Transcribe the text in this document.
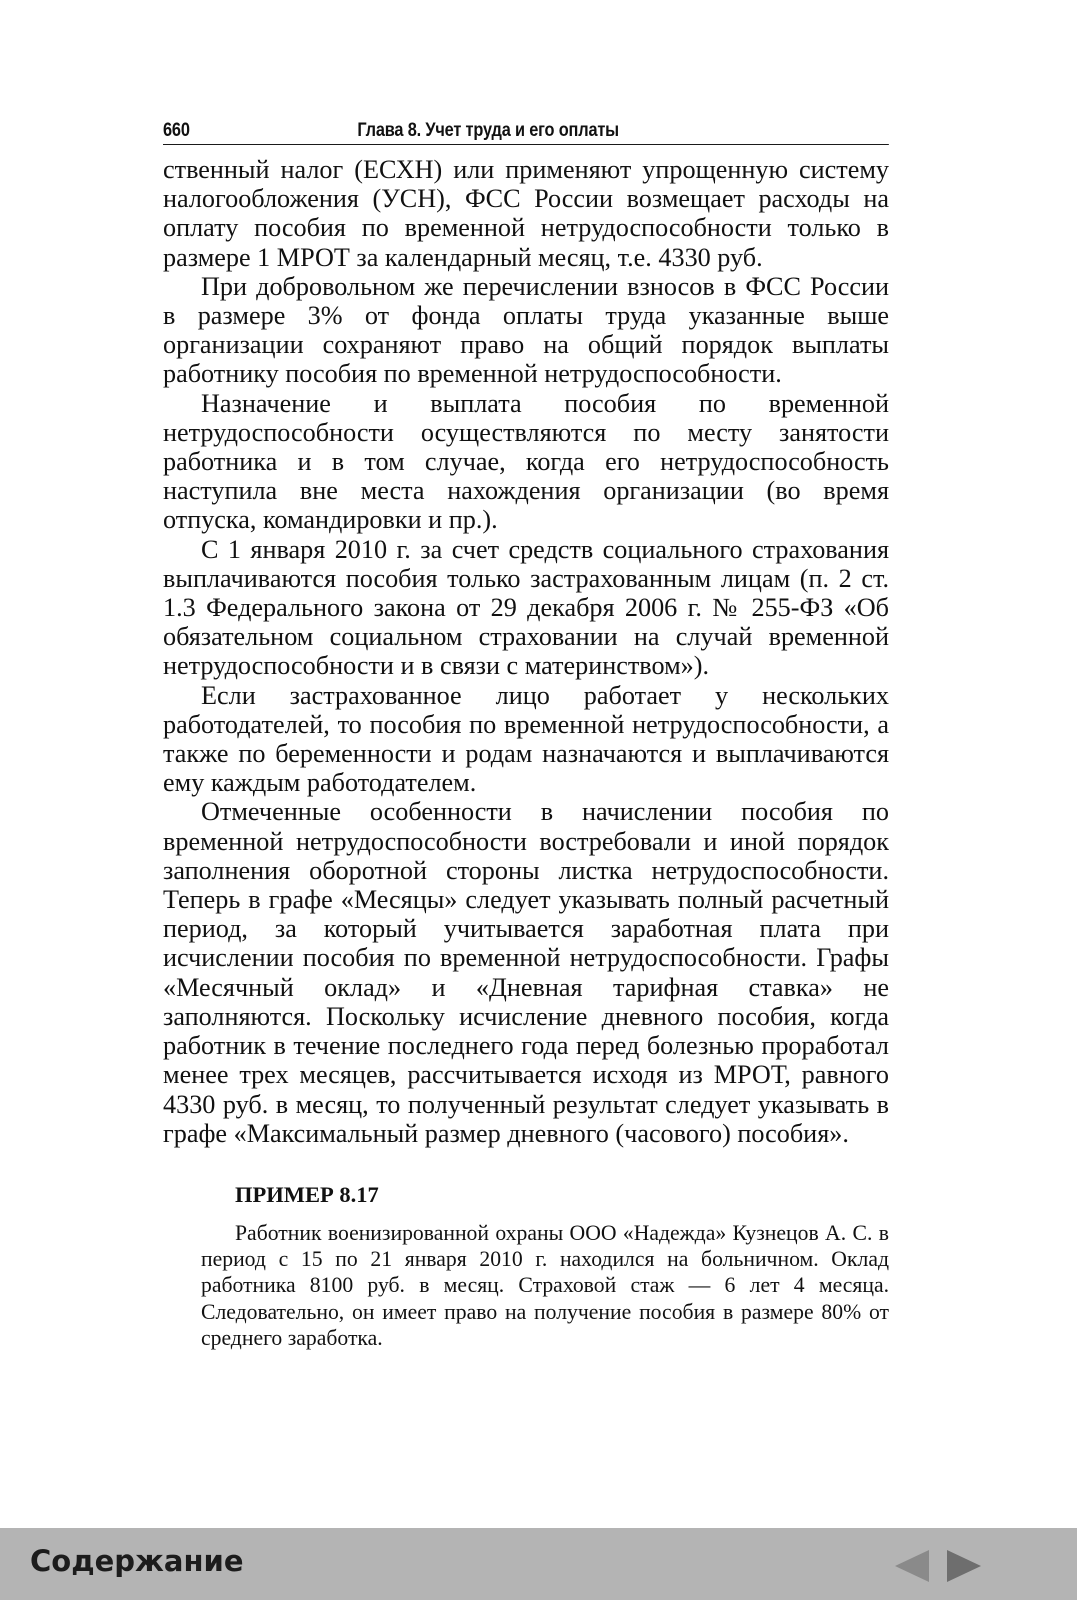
660	Глава 8. Учет труда и его оплаты

ственный налог (ЕСХН) или применяют упрощенную систему налогообложения (УСН), ФСС России возмещает расходы на оплату пособия по временной нетрудоспособности только в размере 1 МРОТ за календарный месяц, т.е. 4330 руб.

При добровольном же перечислении взносов в ФСС России в размере 3% от фонда оплаты труда указанные выше организации сохраняют право на общий порядок выплаты работнику пособия по временной нетрудоспособности.

Назначение и выплата пособия по временной нетрудоспособности осуществляются по месту занятости работника и в том случае, когда его нетрудоспособность наступила вне места нахождения организации (во время отпуска, командировки и пр.).

С 1 января 2010 г. за счет средств социального страхования выплачиваются пособия только застрахованным лицам (п. 2 ст. 1.3 Федерального закона от 29 декабря 2006 г. № 255-ФЗ «Об обязательном социальном страховании на случай временной нетрудоспособности и в связи с материнством»).

Если застрахованное лицо работает у нескольких работодателей, то пособия по временной нетрудоспособности, а также по беременности и родам назначаются и выплачиваются ему каждым работодателем.

Отмеченные особенности в начислении пособия по временной нетрудоспособности востребовали и иной порядок заполнения оборотной стороны листка нетрудоспособности. Теперь в графе «Месяцы» следует указывать полный расчетный период, за который учитывается заработная плата при исчислении пособия по временной нетрудоспособности. Графы «Месячный оклад» и «Дневная тарифная ставка» не заполняются. Поскольку исчисление дневного пособия, когда работник в течение последнего года перед болезнью проработал менее трех месяцев, рассчитывается исходя из МРОТ, равного 4330 руб. в месяц, то полученный результат следует указывать в графе «Максимальный размер дневного (часового) пособия».

ПРИМЕР 8.17

Работник военизированной охраны ООО «Надежда» Кузнецов А. С. в период с 15 по 21 января 2010 г. находился на больничном. Оклад работника 8100 руб. в месяц. Страховой стаж — 6 лет 4 месяца. Следовательно, он имеет право на получение пособия в размере 80% от среднего заработка.

Содержание
